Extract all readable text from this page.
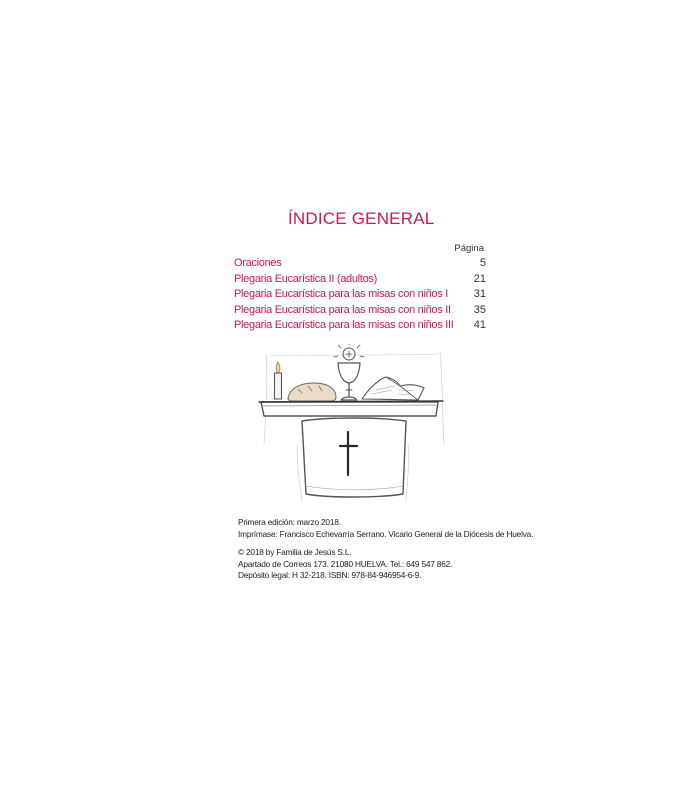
ÍNDICE GENERAL
Página
Oraciones	5
Plegaria Eucarística II (adultos)	21
Plegaria Eucarística para las misas con niños I	31
Plegaria Eucarística para las misas con niños II	35
Plegaria Eucarística para las misas con niños III	41
Primera edición: marzo 2018.
Imprímase: Francisco Echevarría Serrano. Vicario General de la Diócesis de Huelva.
© 2018 by Familia de Jesús S.L.
Apartado de Correos 173. 21080 HUELVA. Tel.: 649 547 862.
Depósito legal: H 32-218. ISBN: 978-84-946954-6-9.
